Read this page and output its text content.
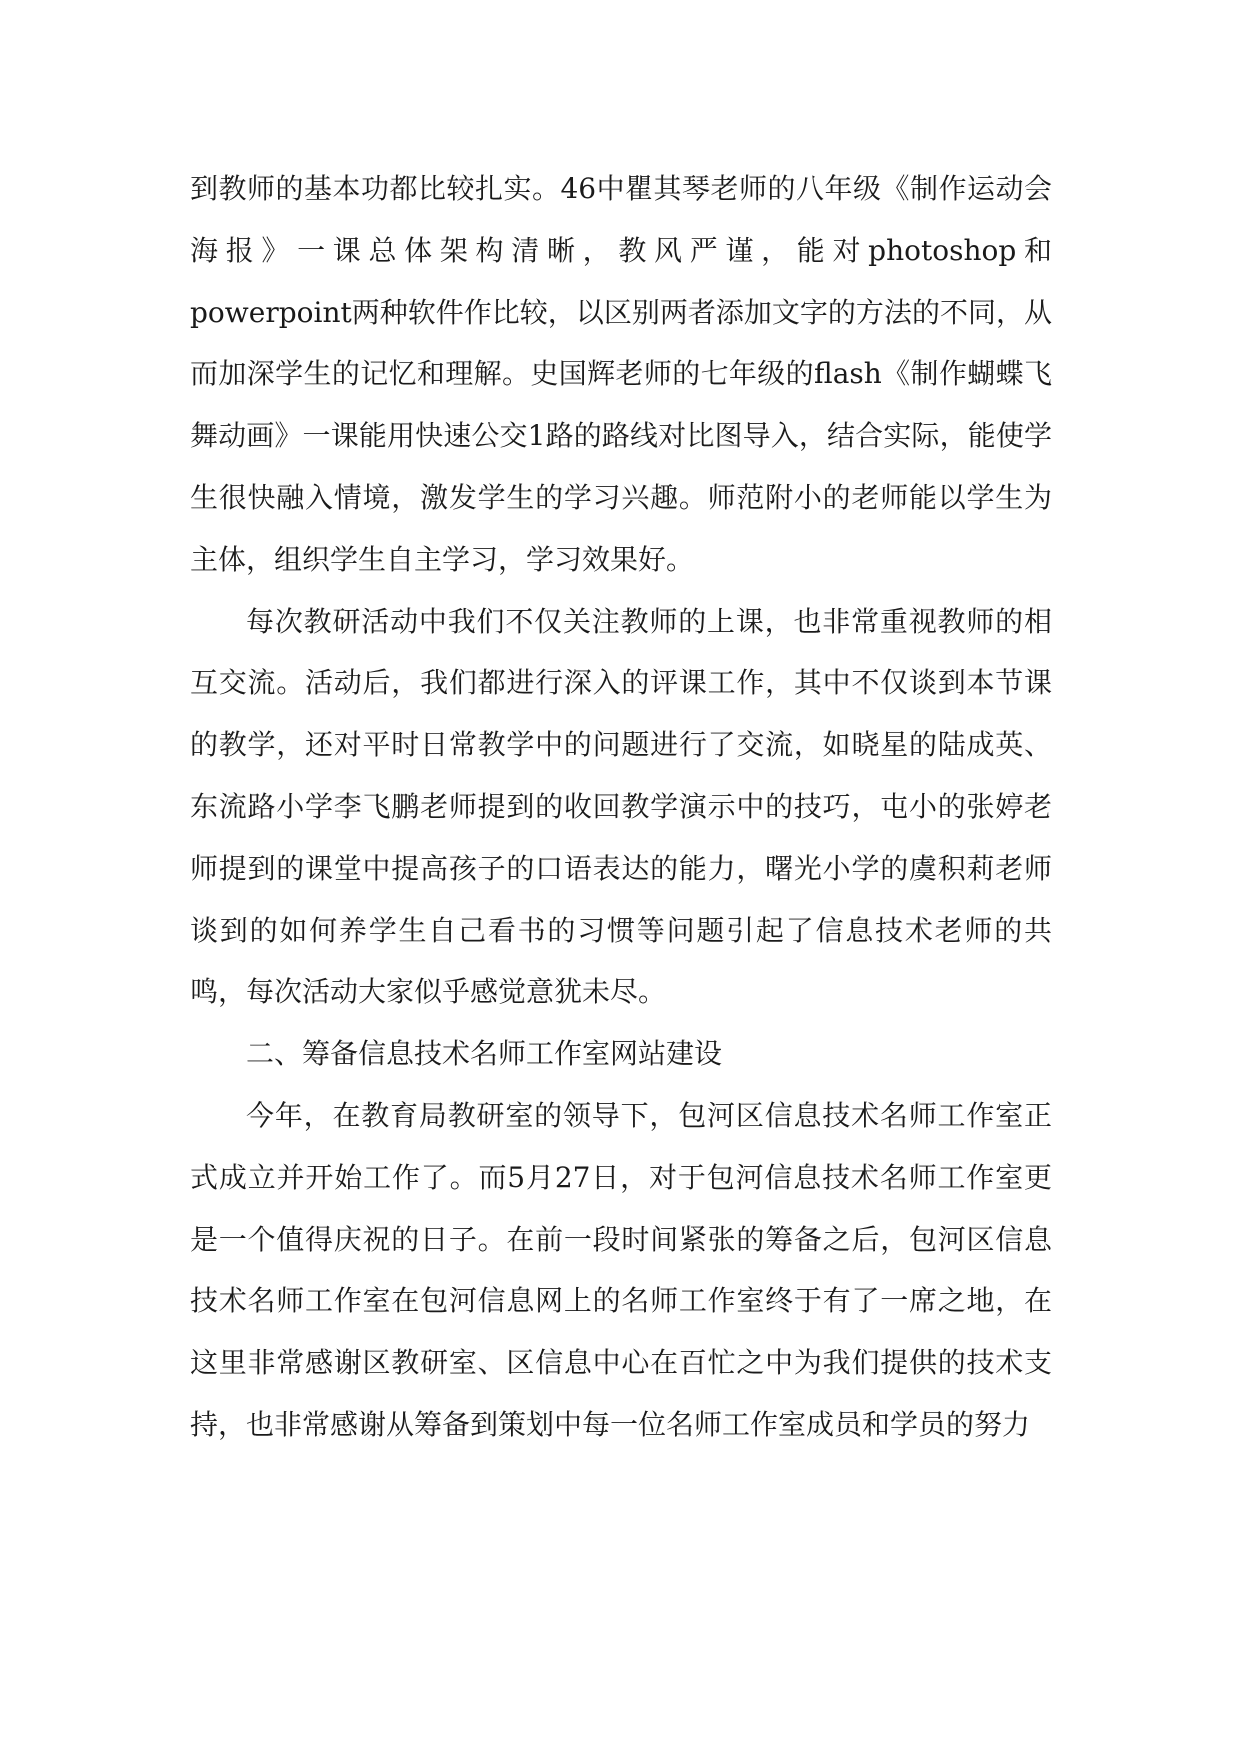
到教师的基本功都比较扎实。46中瞿其琴老师的八年级《制作运动会海报》一课总体架构清晰，教风严谨，能对photoshop和powerpoint两种软件作比较，以区别两者添加文字的方法的不同，从而加深学生的记忆和理解。史国辉老师的七年级的flash《制作蝴蝶飞舞动画》一课能用快速公交1路的路线对比图导入，结合实际，能使学生很快融入情境，激发学生的学习兴趣。师范附小的老师能以学生为主体，组织学生自主学习，学习效果好。

每次教研活动中我们不仅关注教师的上课，也非常重视教师的相互交流。活动后，我们都进行深入的评课工作，其中不仅谈到本节课的教学，还对平时日常教学中的问题进行了交流，如晓星的陆成英、东流路小学李飞鹏老师提到的收回教学演示中的技巧，屯小的张婷老师提到的课堂中提高孩子的口语表达的能力，曙光小学的虞积莉老师谈到的如何养学生自己看书的习惯等问题引起了信息技术老师的共鸣，每次活动大家似乎感觉意犹未尽。

二、筹备信息技术名师工作室网站建设

今年，在教育局教研室的领导下，包河区信息技术名师工作室正式成立并开始工作了。而5月27日，对于包河信息技术名师工作室更是一个值得庆祝的日子。在前一段时间紧张的筹备之后，包河区信息技术名师工作室在包河信息网上的名师工作室终于有了一席之地，在这里非常感谢区教研室、区信息中心在百忙之中为我们提供的技术支持，也非常感谢从筹备到策划中每一位名师工作室成员和学员的努力
